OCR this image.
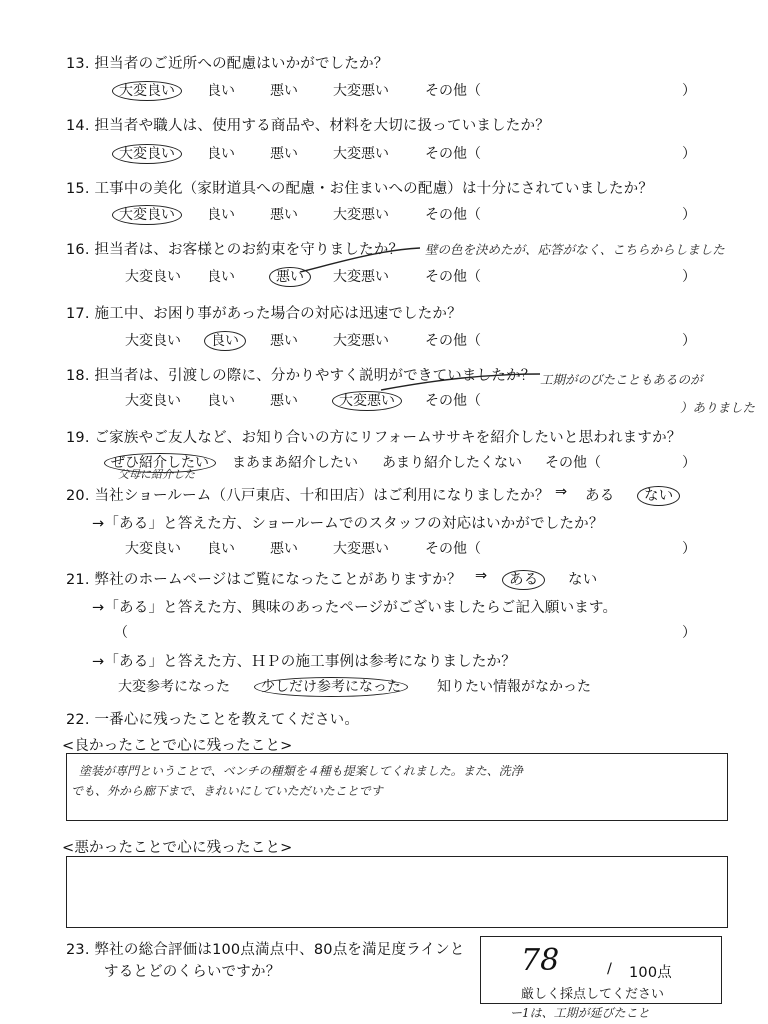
13. 担当者のご近所への配慮はいかがでしたか？
大変良い	良い	悪い	大変悪い	その他（	）
14. 担当者や職人は、使用する商品や、材料を大切に扱っていましたか？
大変良い	良い	悪い	大変悪い	その他（	）
15. 工事中の美化（家財道具への配慮・お住まいへの配慮）は十分にされていましたか？
大変良い	良い	悪い	大変悪い	その他（	）
16. 担当者は、お客様とのお約束を守りましたか？ 壁の色を決めたが、応答がなく、こちらからしました
大変良い 良い	悪い	大変悪い	その他（	）
17. 施工中、お困り事があった場合の対応は迅速でしたか？
大変良い 良い	悪い	大変悪い	その他（	）
18. 担当者は、引渡しの際に、分かりやすく説明ができていましたか？ 工期がのびたこともあるのが
大変良い 良い	悪い	大変悪い	その他（	）ありました
19. ご家族やご友人など、お知り合いの方にリフォームササキを紹介したいと思われますか？
ぜひ紹介したい
父母に紹介した
まあまあ紹介したい あまり紹介したくない その他（	）
20. 当社ショールーム（八戸東店、十和田店）はご利用になりましたか？ ⇒ ある ない
→「ある」と答えた方、ショールームでのスタッフの対応はいかがでしたか？
大変良い 良い	悪い	大変悪い	その他（	）
21. 弊社のホームページはご覧になったことがありますか？ ⇒ ある	ない
→「ある」と答えた方、興味のあったページがございましたらご記入願います。
（	）
→「ある」と答えた方、ＨＰの施工事例は参考になりましたか？
大変参考になった 少しだけ参考になった	知りたい情報がなかった
22. 一番心に残ったことを教えてください。
<良かったことで心に残ったこと>
塗装が専門ということで、ベンチの種類を４種も提案してくれました。また、洗浄
でも、外から廊下まで、きれいにしていただいたことです
<悪かったことで心に残ったこと>
23. 弊社の総合評価は100点満点中、80点を満足度ラインと
するとどのくらいですか？	78	/ 100点
厳しく採点してください
ー1は、工期が延びたこと
